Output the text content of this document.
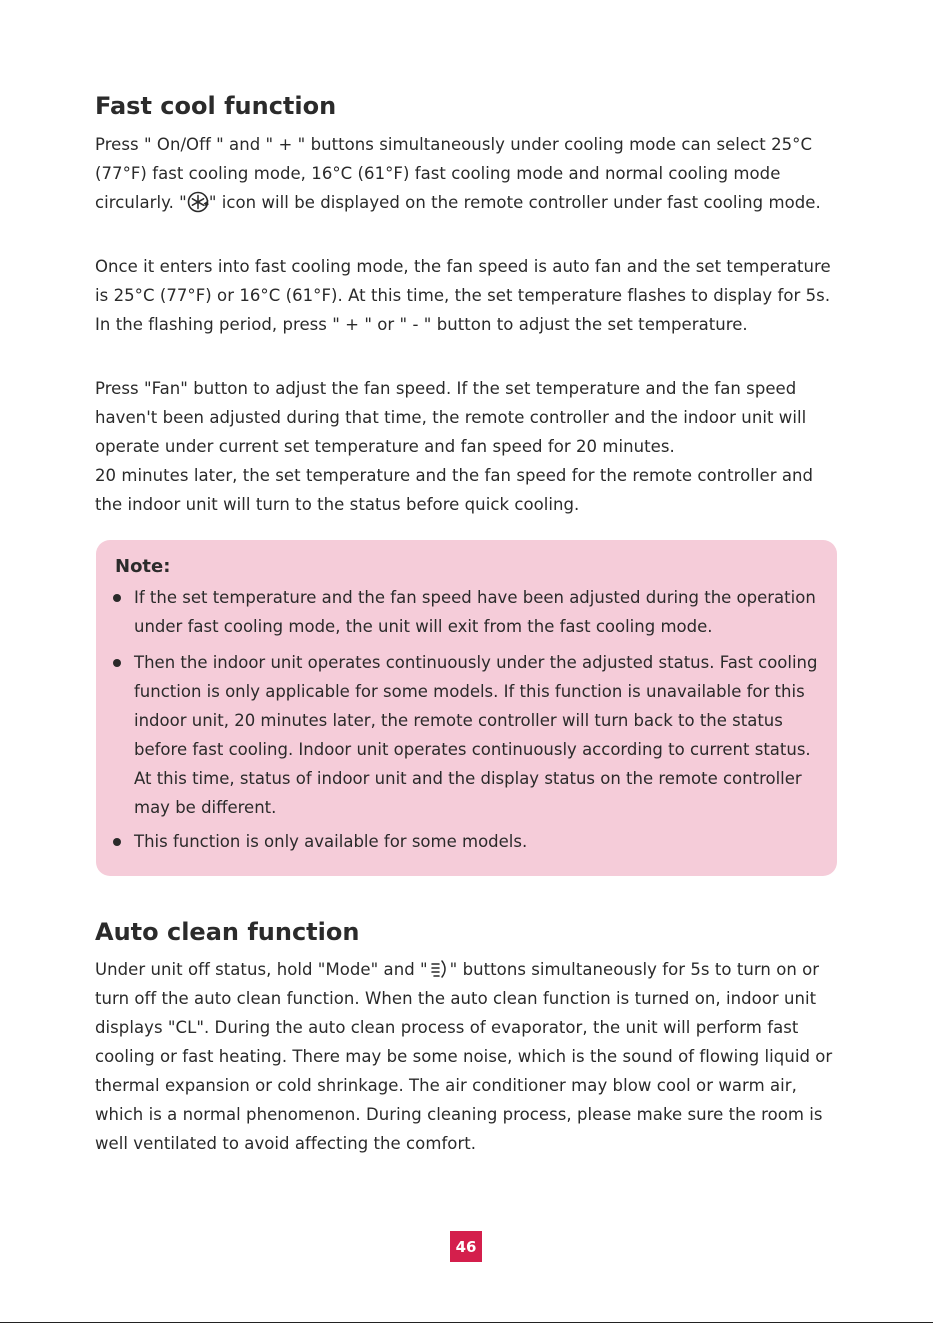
Fast cool function

Press " On/Off " and " + " buttons simultaneously under cooling mode can select 25°C (77°F) fast cooling mode, 16°C (61°F) fast cooling mode and normal cooling mode circularly. " " icon will be displayed on the remote controller under fast cooling mode.

Once it enters into fast cooling mode, the fan speed is auto fan and the set temperature is 25°C (77°F) or 16°C (61°F). At this time, the set temperature flashes to display for 5s. In the flashing period, press " + " or " - " button to adjust the set temperature.

Press "Fan" button to adjust the fan speed. If the set temperature and the fan speed haven't been adjusted during that time, the remote controller and the indoor unit will operate under current set temperature and fan speed for 20 minutes.

20 minutes later, the set temperature and the fan speed for the remote controller and the indoor unit will turn to the status before quick cooling.

Note:

If the set temperature and the fan speed have been adjusted during the operation under fast cooling mode, the unit will exit from the fast cooling mode.
Then the indoor unit operates continuously under the adjusted status. Fast cooling function is only applicable for some models. If this function is unavailable for this indoor unit, 20 minutes later, the remote controller will turn back to the status before fast cooling. Indoor unit operates continuously according to current status. At this time, status of indoor unit and the display status on the remote controller may be different.
This function is only available for some models.
Auto clean function

Under unit off status, hold "Mode" and " " buttons simultaneously for 5s to turn on or turn off the auto clean function. When the auto clean function is turned on, indoor unit displays "CL". During the auto clean process of evaporator, the unit will perform fast cooling or fast heating. There may be some noise, which is the sound of flowing liquid or thermal expansion or cold shrinkage. The air conditioner may blow cool or warm air, which is a normal phenomenon. During cleaning process, please make sure the room is well ventilated to avoid affecting the comfort.

46
